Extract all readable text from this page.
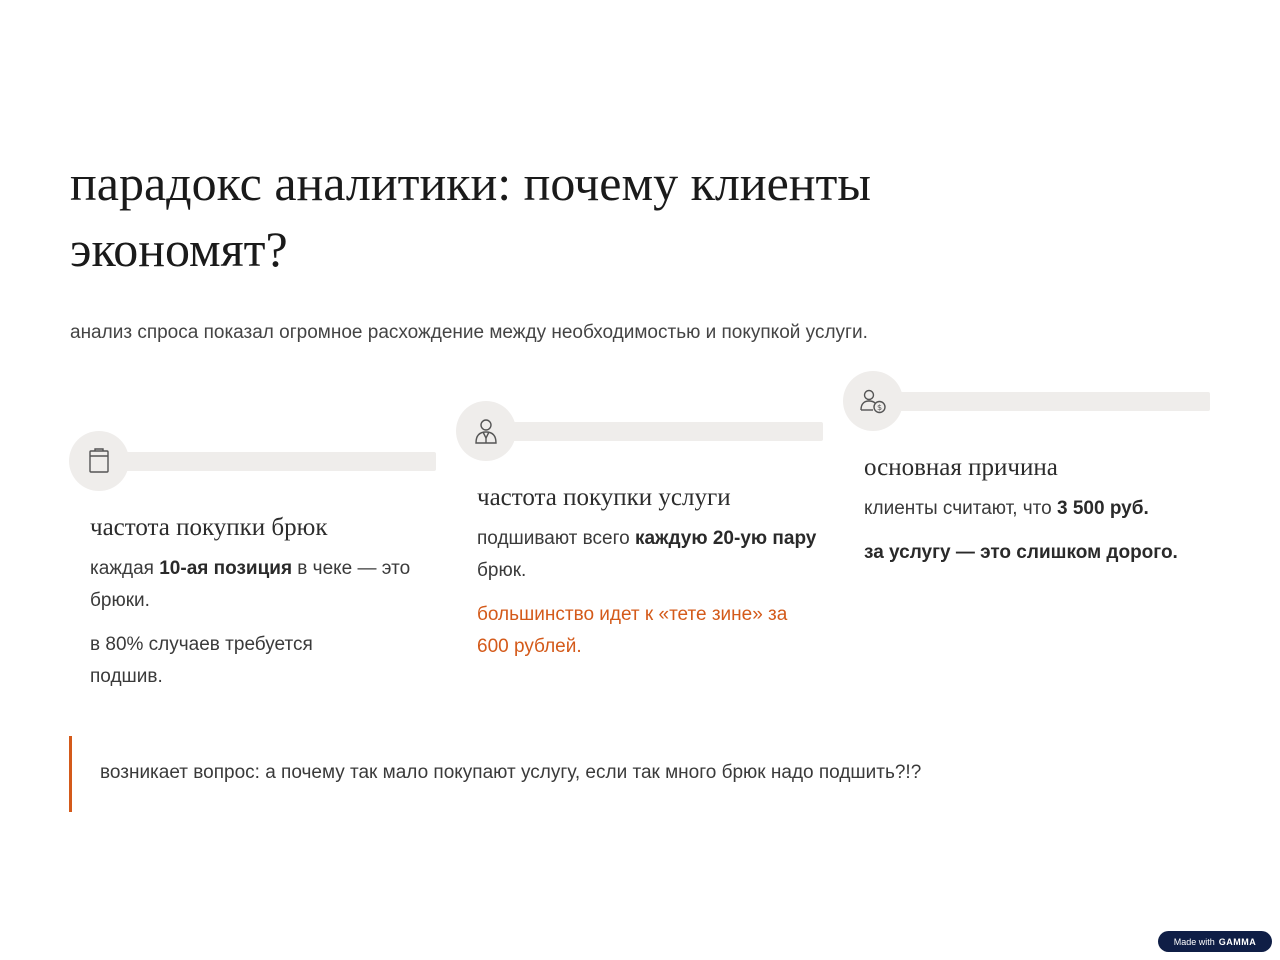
парадокс аналитики: почему клиенты экономят?

анализ спроса показал огромное расхождение между необходимостью и покупкой услуги.

частота покупки брюк
каждая 10-ая позиция в чеке — это брюки.
в 80% случаев требуется подшив.
частота покупки услуги
подшивают всего каждую 20-ую пару брюк.
большинство идет к «тете зине» за 600 рублей.
$
основная причина
клиенты считают, что 3 500 руб.
за услугу — это слишком дорого.
возникает вопрос: а почему так мало покупают услугу, если так много брюк надо подшить?!?
Made with GAMMA
